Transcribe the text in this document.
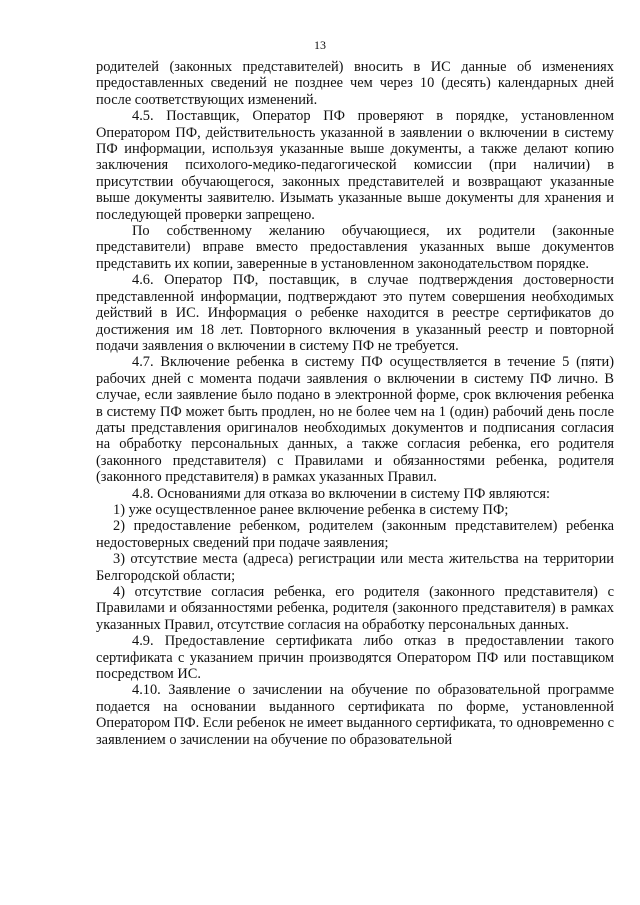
13

родителей (законных представителей) вносить в ИС данные об изменениях предоставленных сведений не позднее чем через 10 (десять) календарных дней после соответствующих изменений.

4.5. Поставщик, Оператор ПФ проверяют в порядке, установленном Оператором ПФ, действительность указанной в заявлении о включении в систему ПФ информации, используя указанные выше документы, а также делают копию заключения психолого-медико-педагогической комиссии (при наличии) в присутствии обучающегося, законных представителей и возвращают указанные выше документы заявителю. Изымать указанные выше документы для хранения и последующей проверки запрещено.

По собственному желанию обучающиеся, их родители (законные представители) вправе вместо предоставления указанных выше документов представить их копии, заверенные в установленном законодательством порядке.

4.6. Оператор ПФ, поставщик, в случае подтверждения достоверности представленной информации, подтверждают это путем совершения необходимых действий в ИС. Информация о ребенке находится в реестре сертификатов до достижения им 18 лет. Повторного включения в указанный реестр и повторной подачи заявления о включении в систему ПФ не требуется.

4.7. Включение ребенка в систему ПФ осуществляется в течение 5 (пяти) рабочих дней с момента подачи заявления о включении в систему ПФ лично. В случае, если заявление было подано в электронной форме, срок включения ребенка в систему ПФ может быть продлен, но не более чем на 1 (один) рабочий день после даты представления оригиналов необходимых документов и подписания согласия на обработку персональных данных, а также согласия ребенка, его родителя (законного представителя) с Правилами и обязанностями ребенка, родителя (законного представителя) в рамках указанных Правил.

4.8. Основаниями для отказа во включении в систему ПФ являются:

1) уже осуществленное ранее включение ребенка в систему ПФ;

2) предоставление ребенком, родителем (законным представителем) ребенка недостоверных сведений при подаче заявления;

3) отсутствие места (адреса) регистрации или места жительства на территории Белгородской области;

4) отсутствие согласия ребенка, его родителя (законного представителя) с Правилами и обязанностями ребенка, родителя (законного представителя) в рамках указанных Правил, отсутствие согласия на обработку персональных данных.

4.9. Предоставление сертификата либо отказ в предоставлении такого сертификата с указанием причин производятся Оператором ПФ или поставщиком посредством ИС.

4.10. Заявление о зачислении на обучение по образовательной программе подается на основании выданного сертификата по форме, установленной Оператором ПФ. Если ребенок не имеет выданного сертификата, то одновременно с заявлением о зачислении на обучение по образовательной
